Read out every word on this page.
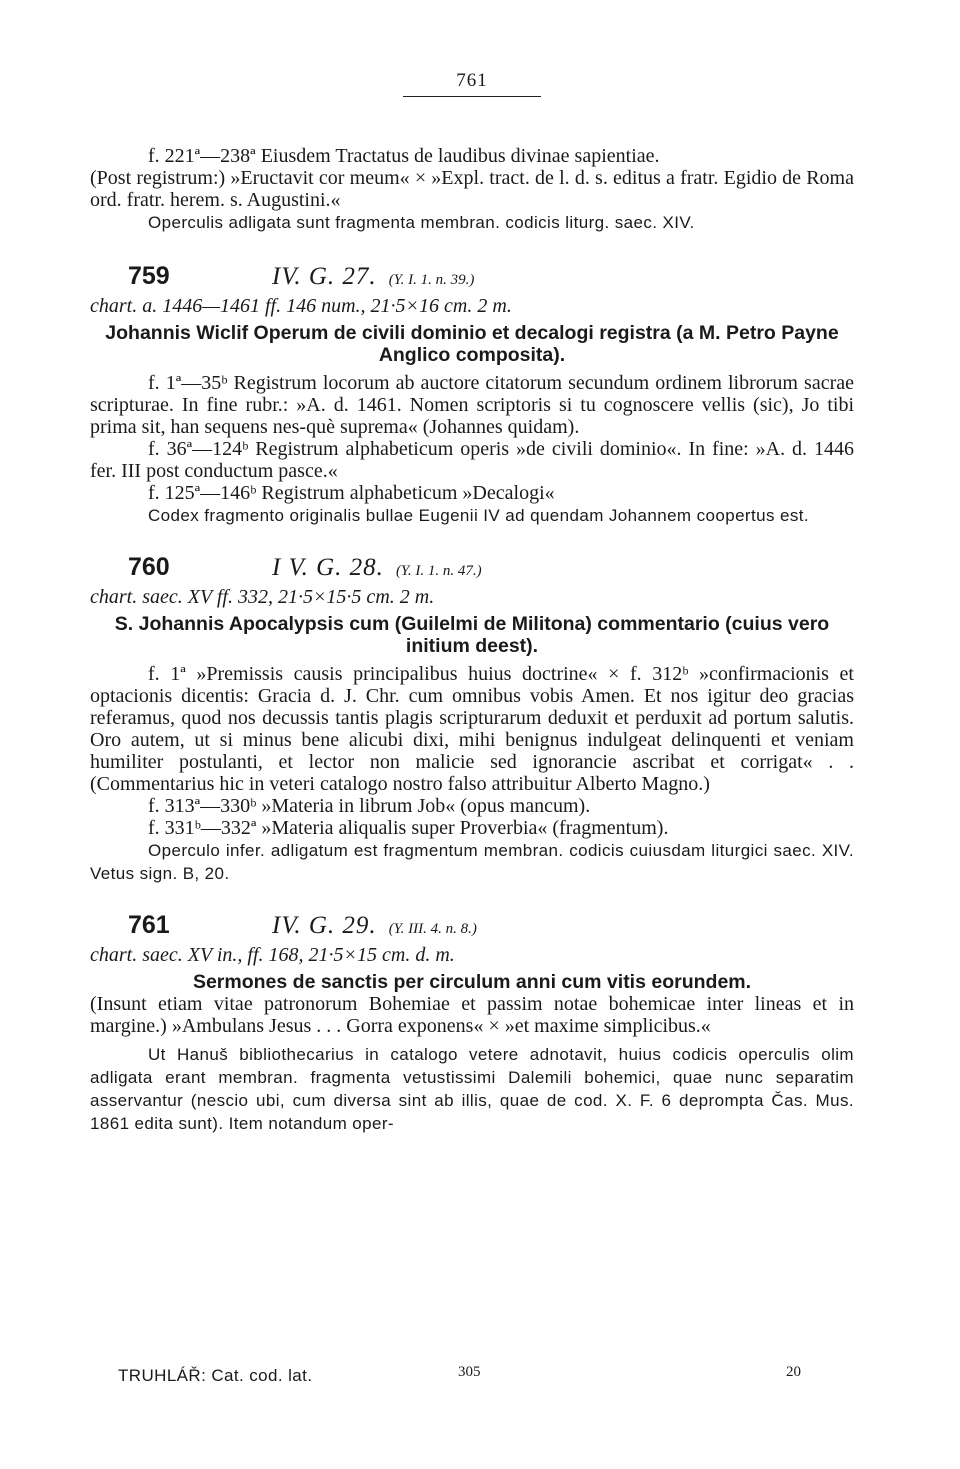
761

f. 221ª—238ª Eiusdem Tractatus de laudibus divinae sapientiae.

(Post registrum:) »Eructavit cor meum« × »Expl. tract. de l. d. s. editus a fratr. Egidio de Roma ord. fratr. herem. s. Augustini.«

Operculis adligata sunt fragmenta membran. codicis liturg. saec. XIV.

759	IV. G. 27. (Y. I. 1. n. 39.)

chart. a. 1446—1461 ff. 146 num., 21·5×16 cm. 2 m.

Johannis Wiclif Operum de civili dominio et decalogi registra (a M. Petro Payne Anglico composita).

f. 1ª—35ᵇ Registrum locorum ab auctore citatorum secundum ordinem librorum sacrae scripturae. In fine rubr.: »A. d. 1461. Nomen scriptoris si tu cognoscere vellis (sic), Jo tibi prima sit, han sequens nes-què suprema« (Johannes quidam).

f. 36ª—124ᵇ Registrum alphabeticum operis »de civili dominio«. In fine: »A. d. 1446 fer. III post conductum pasce.«

f. 125ª—146ᵇ Registrum alphabeticum »Decalogi«

Codex fragmento originalis bullae Eugenii IV ad quendam Johannem coopertus est.

760	I V. G. 28. (Y. I. 1. n. 47.)

chart. saec. XV ff. 332, 21·5×15·5 cm. 2 m.

S. Johannis Apocalypsis cum (Guilelmi de Militona) commentario (cuius vero initium deest).

f. 1ª »Premissis causis principalibus huius doctrine« × f. 312ᵇ »confirmacionis et optacionis dicentis: Gracia d. J. Chr. cum omnibus vobis Amen. Et nos igitur deo gracias referamus, quod nos decussis tantis plagis scripturarum deduxit et perduxit ad portum salutis. Oro autem, ut si minus bene alicubi dixi, mihi benignus indulgeat delinquenti et veniam humiliter postulanti, et lector non malicie sed ignorancie ascribat et corrigat« . . (Commentarius hic in veteri catalogo nostro falso attribuitur Alberto Magno.)

f. 313ª—330ᵇ »Materia in librum Job« (opus mancum).

f. 331ᵇ—332ª »Materia aliqualis super Proverbia« (fragmentum).

Operculo infer. adligatum est fragmentum membran. codicis cuiusdam liturgici saec. XIV. Vetus sign. B, 20.

761	IV. G. 29. (Y. III. 4. n. 8.)

chart. saec. XV in., ff. 168, 21·5×15 cm. d. m.

Sermones de sanctis per circulum anni cum vitis eorundem.

(Insunt etiam vitae patronorum Bohemiae et passim notae bohemicae inter lineas et in margine.) »Ambulans Jesus . . . Gorra exponens« × »et maxime simplicibus.«

Ut Hanuš bibliothecarius in catalogo vetere adnotavit, huius codicis operculis olim adligata erant membran. fragmenta vetustissimi Dalemili bohemici, quae nunc separatim asservantur (nescio ubi, cum diversa sint ab illis, quae de cod. X. F. 6 deprompta Čas. Mus. 1861 edita sunt). Item notandum oper-

TRUHLÁŘ: Cat. cod. lat.	305	20
